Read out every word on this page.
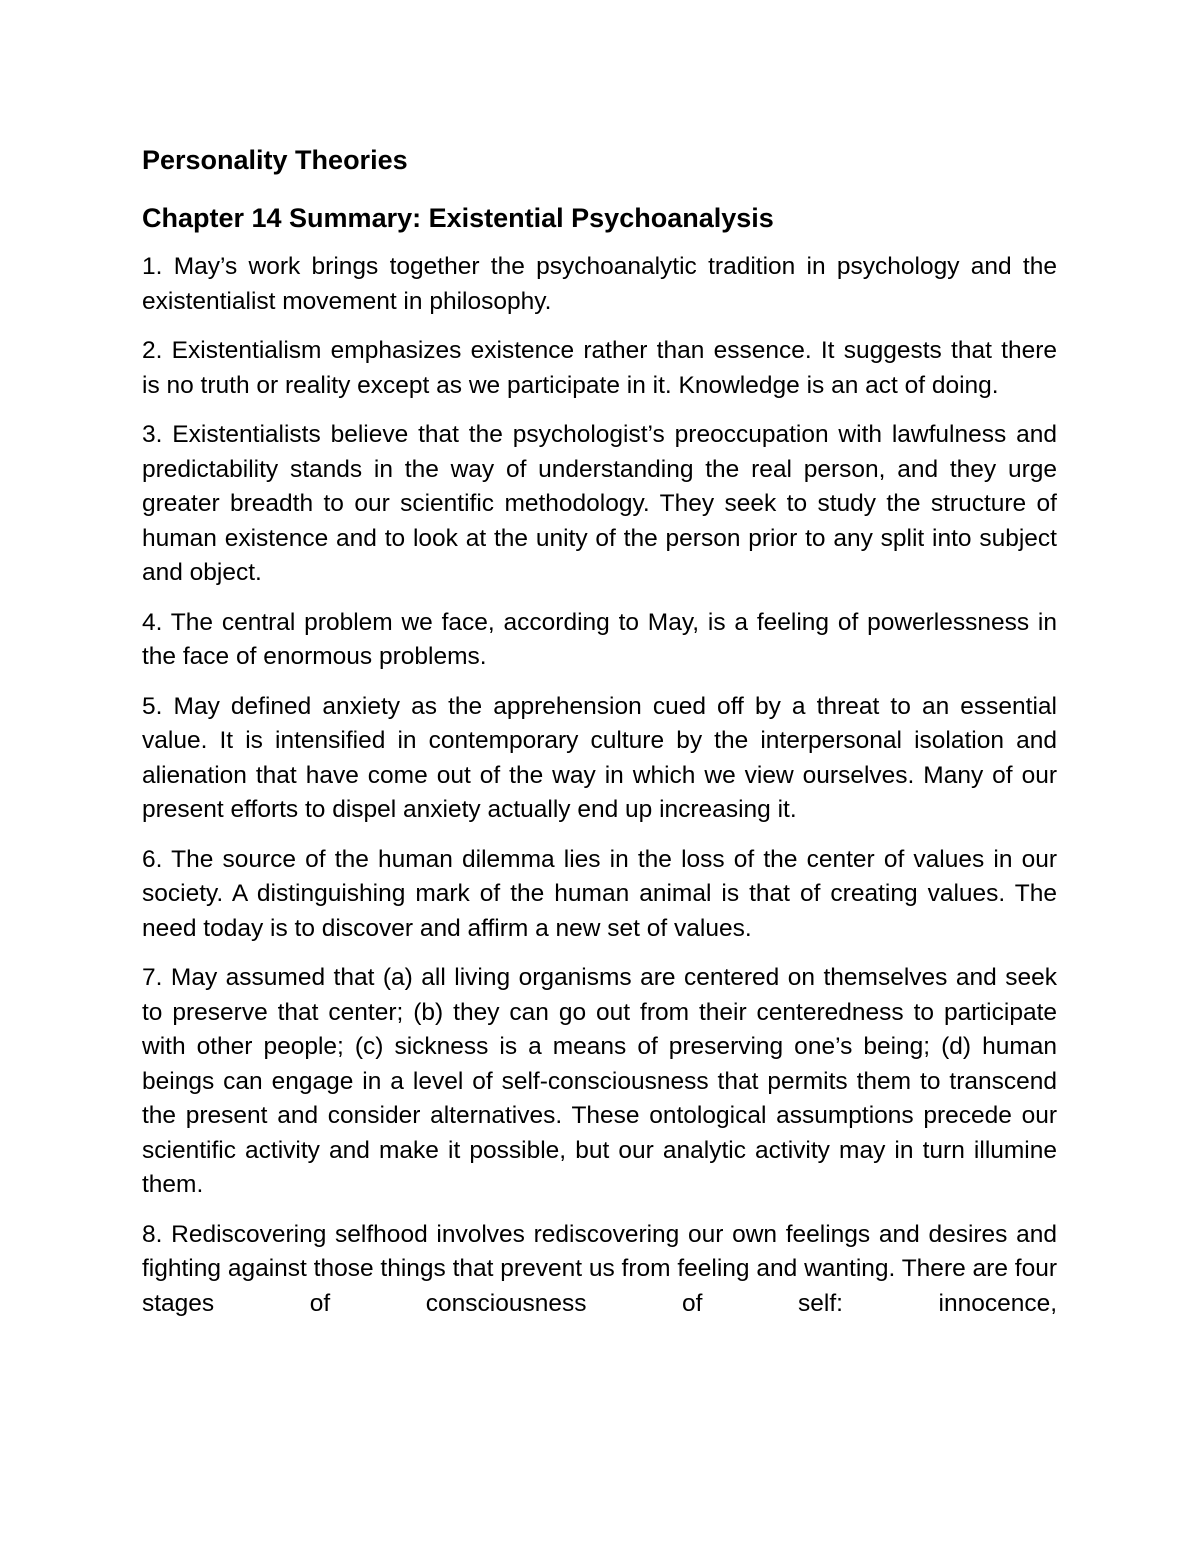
Personality Theories
Chapter 14 Summary: Existential Psychoanalysis

1. May’s work brings together the psychoanalytic tradition in psychology and the existentialist movement in philosophy.

2. Existentialism emphasizes existence rather than essence. It suggests that there is no truth or reality except as we participate in it. Knowledge is an act of doing.

3. Existentialists believe that the psychologist’s preoccupation with lawfulness and predictability stands in the way of understanding the real person, and they urge greater breadth to our scientific methodology. They seek to study the structure of human existence and to look at the unity of the person prior to any split into subject and object.

4. The central problem we face, according to May, is a feeling of powerlessness in the face of enormous problems.

5. May defined anxiety as the apprehension cued off by a threat to an essential value. It is intensified in contemporary culture by the interpersonal isolation and alienation that have come out of the way in which we view ourselves. Many of our present efforts to dispel anxiety actually end up increasing it.

6. The source of the human dilemma lies in the loss of the center of values in our society. A distinguishing mark of the human animal is that of creating values. The need today is to discover and affirm a new set of values.

7. May assumed that (a) all living organisms are centered on themselves and seek to preserve that center; (b) they can go out from their centeredness to participate with other people; (c) sickness is a means of preserving one’s being; (d) human beings can engage in a level of self-consciousness that permits them to transcend the present and consider alternatives. These ontological assumptions precede our scientific activity and make it possible, but our analytic activity may in turn illumine them.

8. Rediscovering selfhood involves rediscovering our own feelings and desires and fighting against those things that prevent us from feeling and wanting. There are four stages of consciousness of self: innocence,
